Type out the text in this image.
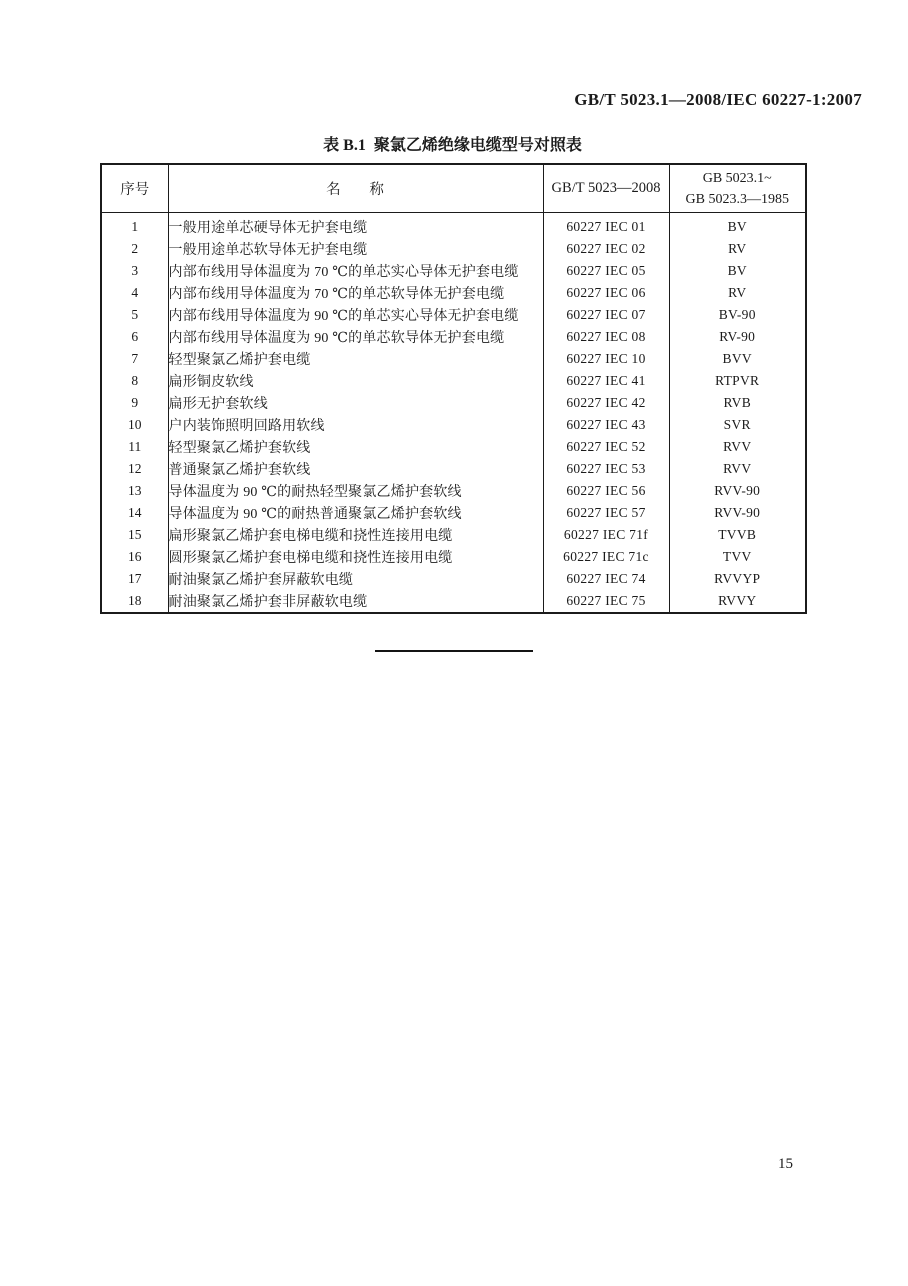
GB/T 5023.1—2008/IEC 60227-1:2007
表 B.1  聚氯乙烯绝缘电缆型号对照表
序号	名      称	GB/T 5023—2008	GB 5023.1~
GB 5023.3—1985

1	一般用途单芯硬导体无护套电缆	60227 IEC 01	BV
2	一般用途单芯软导体无护套电缆	60227 IEC 02	RV
3	内部布线用导体温度为 70 ℃的单芯实心导体无护套电缆	60227 IEC 05	BV
4	内部布线用导体温度为 70 ℃的单芯软导体无护套电缆	60227 IEC 06	RV
5	内部布线用导体温度为 90 ℃的单芯实心导体无护套电缆	60227 IEC 07	BV-90
6	内部布线用导体温度为 90 ℃的单芯软导体无护套电缆	60227 IEC 08	RV-90
7	轻型聚氯乙烯护套电缆	60227 IEC 10	BVV
8	扁形铜皮软线	60227 IEC 41	RTPVR
9	扁形无护套软线	60227 IEC 42	RVB
10	户内装饰照明回路用软线	60227 IEC 43	SVR
11	轻型聚氯乙烯护套软线	60227 IEC 52	RVV
12	普通聚氯乙烯护套软线	60227 IEC 53	RVV
13	导体温度为 90 ℃的耐热轻型聚氯乙烯护套软线	60227 IEC 56	RVV-90
14	导体温度为 90 ℃的耐热普通聚氯乙烯护套软线	60227 IEC 57	RVV-90
15	扁形聚氯乙烯护套电梯电缆和挠性连接用电缆	60227 IEC 71f	TVVB
16	圆形聚氯乙烯护套电梯电缆和挠性连接用电缆	60227 IEC 71c	TVV
17	耐油聚氯乙烯护套屏蔽软电缆	60227 IEC 74	RVVYP
18	耐油聚氯乙烯护套非屏蔽软电缆	60227 IEC 75	RVVY
15
